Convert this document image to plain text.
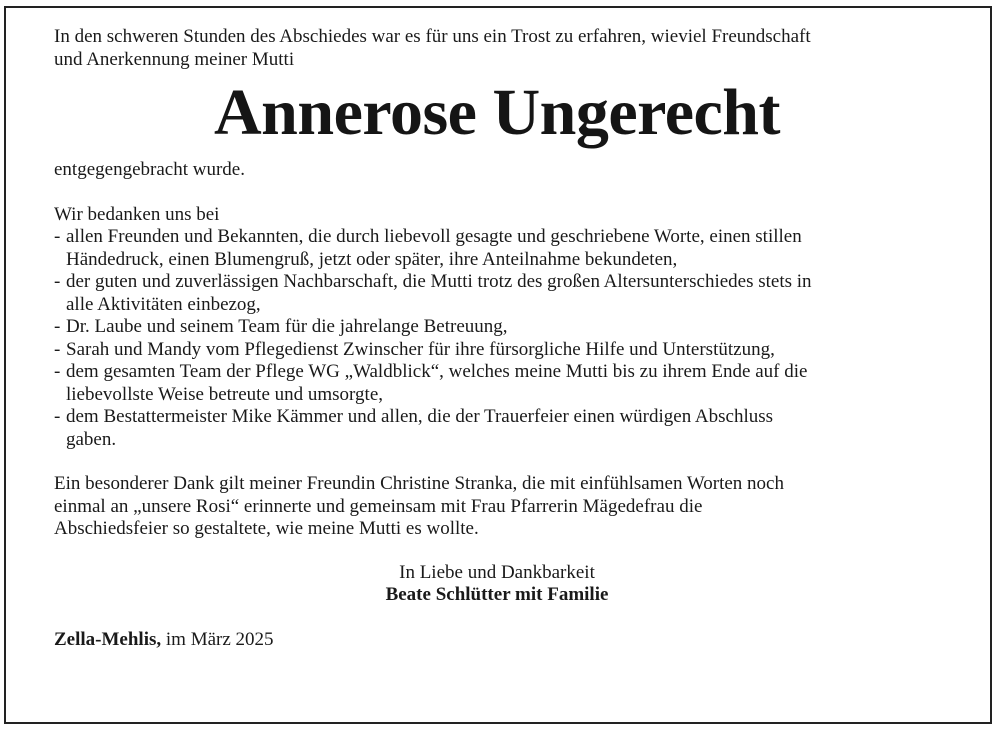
In den schweren Stunden des Abschiedes war es für uns ein Trost zu erfahren, wieviel Freundschaft
und Anerkennung meiner Mutti

Annerose Ungerecht

entgegengebracht wurde.

Wir bedanken uns bei

- allen Freunden und Bekannten, die durch liebevoll gesagte und geschriebene Worte, einen stillen
Händedruck, einen Blumengruß, jetzt oder später, ihre Anteilnahme bekundeten,
- der guten und zuverlässigen Nachbarschaft, die Mutti trotz des großen Altersunterschiedes stets in
alle Aktivitäten einbezog,
- Dr. Laube und seinem Team für die jahrelange Betreuung,
- Sarah und Mandy vom Pflegedienst Zwinscher für ihre fürsorgliche Hilfe und Unterstützung,
- dem gesamten Team der Pflege WG „Waldblick“, welches meine Mutti bis zu ihrem Ende auf die
liebevollste Weise betreute und umsorgte,
- dem Bestattermeister Mike Kämmer und allen, die der Trauerfeier einen würdigen Abschluss
gaben.

Ein besonderer Dank gilt meiner Freundin Christine Stranka, die mit einfühlsamen Worten noch
einmal an „unsere Rosi“ erinnerte und gemeinsam mit Frau Pfarrerin Mägedefrau die
Abschiedsfeier so gestaltete, wie meine Mutti es wollte.

In Liebe und Dankbarkeit
Beate Schlütter mit Familie
Zella-Mehlis, im März 2025
